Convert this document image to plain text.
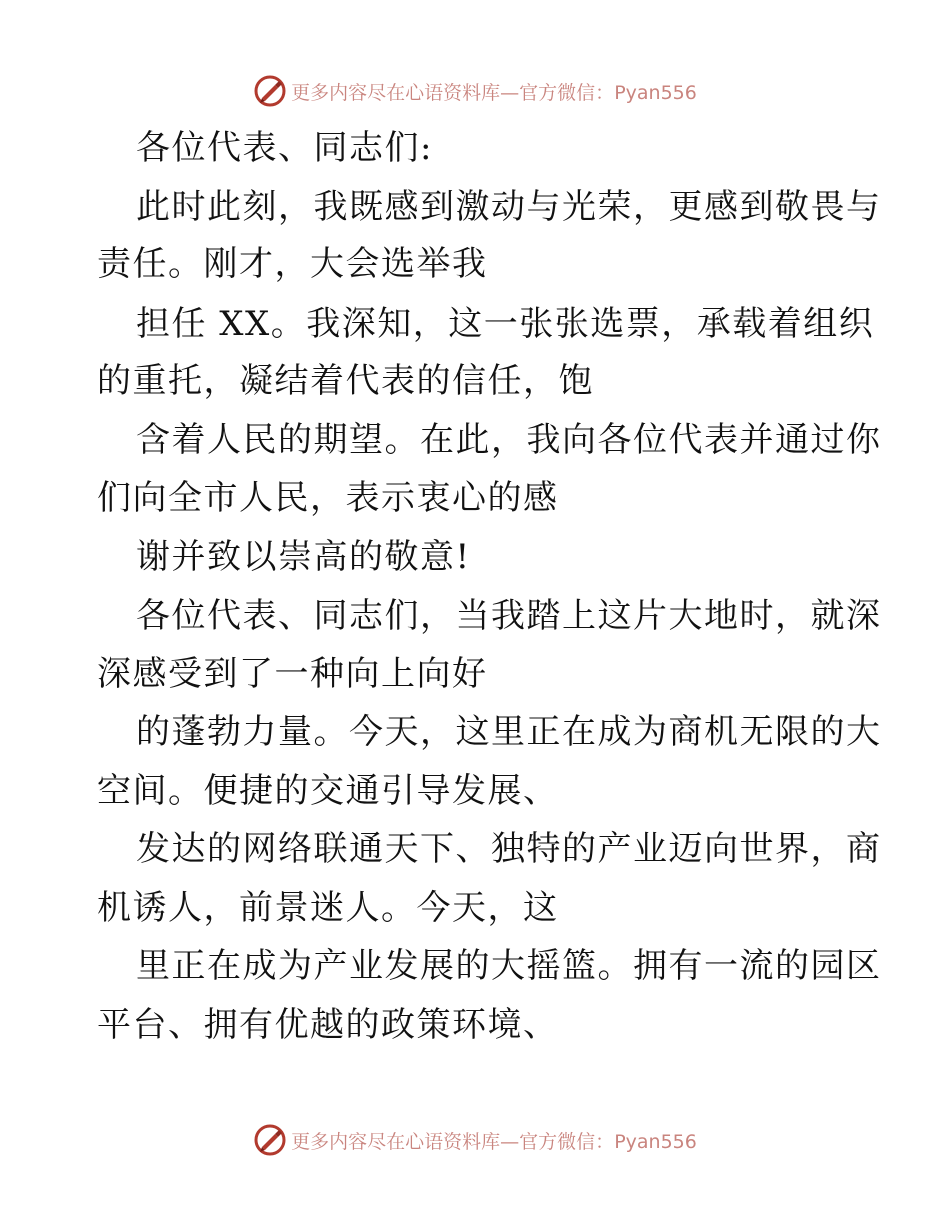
更多内容尽在心语资料库—官方微信：Pyan556
各位代表、同志们:
此时此刻，我既感到激动与光荣，更感到敬畏与
责任。刚才，大会选举我
担任 XX。我深知，这一张张选票，承载着组织
的重托，凝结着代表的信任，饱
含着人民的期望。在此，我向各位代表并通过你
们向全市人民，表示衷心的感
谢并致以崇高的敬意!
各位代表、同志们，当我踏上这片大地时，就深
深感受到了一种向上向好
的蓬勃力量。今天，这里正在成为商机无限的大
空间。便捷的交通引导发展、
发达的网络联通天下、独特的产业迈向世界，商
机诱人，前景迷人。今天，这
里正在成为产业发展的大摇篮。拥有一流的园区
平台、拥有优越的政策环境、
更多内容尽在心语资料库—官方微信：Pyan556
